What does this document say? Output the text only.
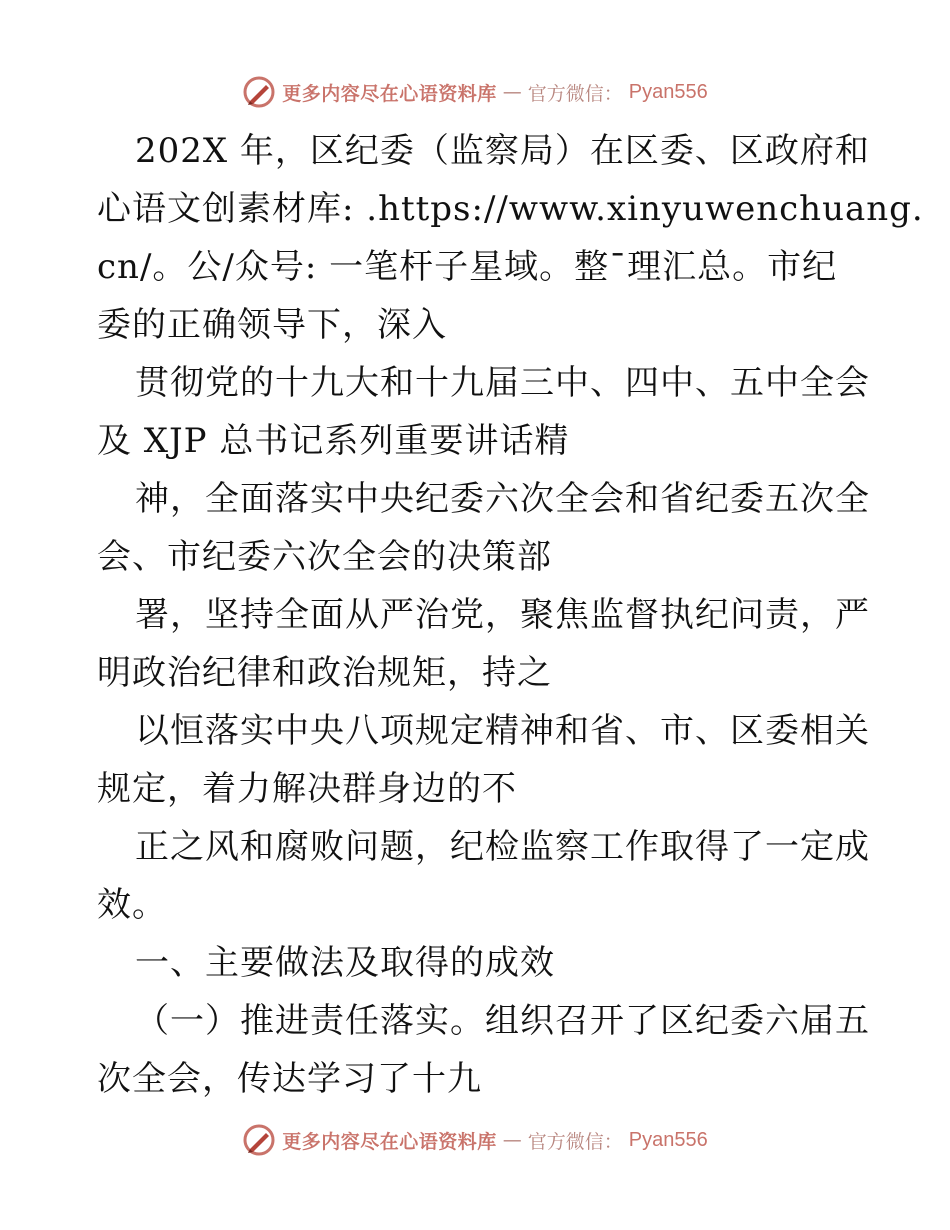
更多内容尽在心语资料库 — 官方微信： Pyan556
202X 年，区纪委（监察局）在区委、区政府和
心语文创素材库: .https://www.xinyuwenchuang.
cn/。公/众号: 一笔杆子星域。整¯理汇总。市纪
委的正确领导下，深入
贯彻党的十九大和十九届三中、四中、五中全会
及 XJP 总书记系列重要讲话精
神，全面落实中央纪委六次全会和省纪委五次全
会、市纪委六次全会的决策部
署，坚持全面从严治党，聚焦监督执纪问责，严
明政治纪律和政治规矩，持之
以恒落实中央八项规定精神和省、市、区委相关
规定，着力解决群身边的不
正之风和腐败问题，纪检监察工作取得了一定成
效。
一、主要做法及取得的成效
（一）推进责任落实。组织召开了区纪委六届五
次全会，传达学习了十九
更多内容尽在心语资料库 — 官方微信： Pyan556
